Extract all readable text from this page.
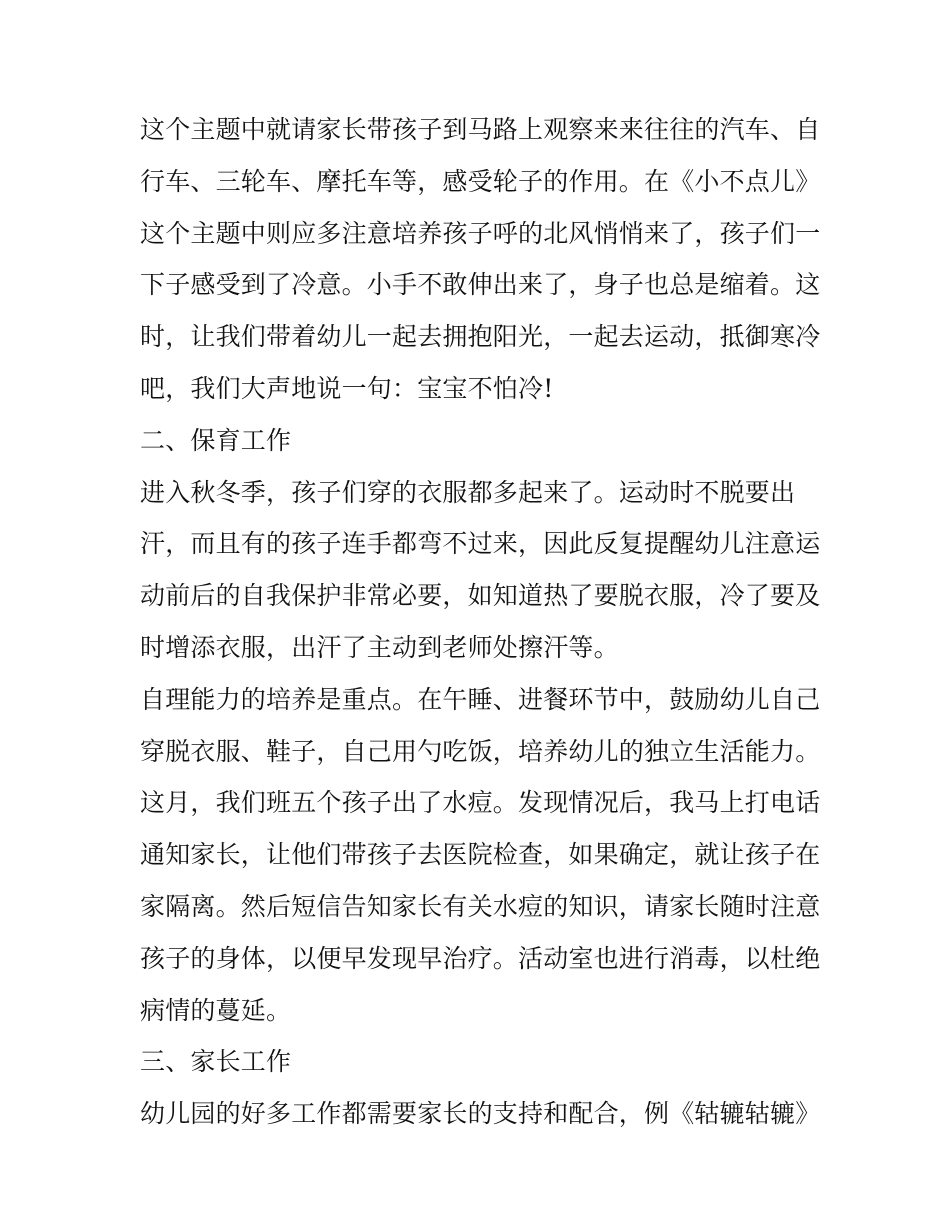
这个主题中就请家长带孩子到马路上观察来来往往的汽车、自
行车、三轮车、摩托车等，感受轮子的作用。在《小不点儿》
这个主题中则应多注意培养孩子呼的北风悄悄来了，孩子们一
下子感受到了冷意。小手不敢伸出来了，身子也总是缩着。这
时，让我们带着幼儿一起去拥抱阳光，一起去运动，抵御寒冷
吧，我们大声地说一句：宝宝不怕冷!
二、保育工作
进入秋冬季，孩子们穿的衣服都多起来了。运动时不脱要出
汗，而且有的孩子连手都弯不过来，因此反复提醒幼儿注意运
动前后的自我保护非常必要，如知道热了要脱衣服，冷了要及
时增添衣服，出汗了主动到老师处擦汗等。
自理能力的培养是重点。在午睡、进餐环节中，鼓励幼儿自己
穿脱衣服、鞋子，自己用勺吃饭，培养幼儿的独立生活能力。
这月，我们班五个孩子出了水痘。发现情况后，我马上打电话
通知家长，让他们带孩子去医院检查，如果确定，就让孩子在
家隔离。然后短信告知家长有关水痘的知识，请家长随时注意
孩子的身体，以便早发现早治疗。活动室也进行消毒，以杜绝
病情的蔓延。
三、家长工作
幼儿园的好多工作都需要家长的支持和配合，例《轱辘轱辘》
